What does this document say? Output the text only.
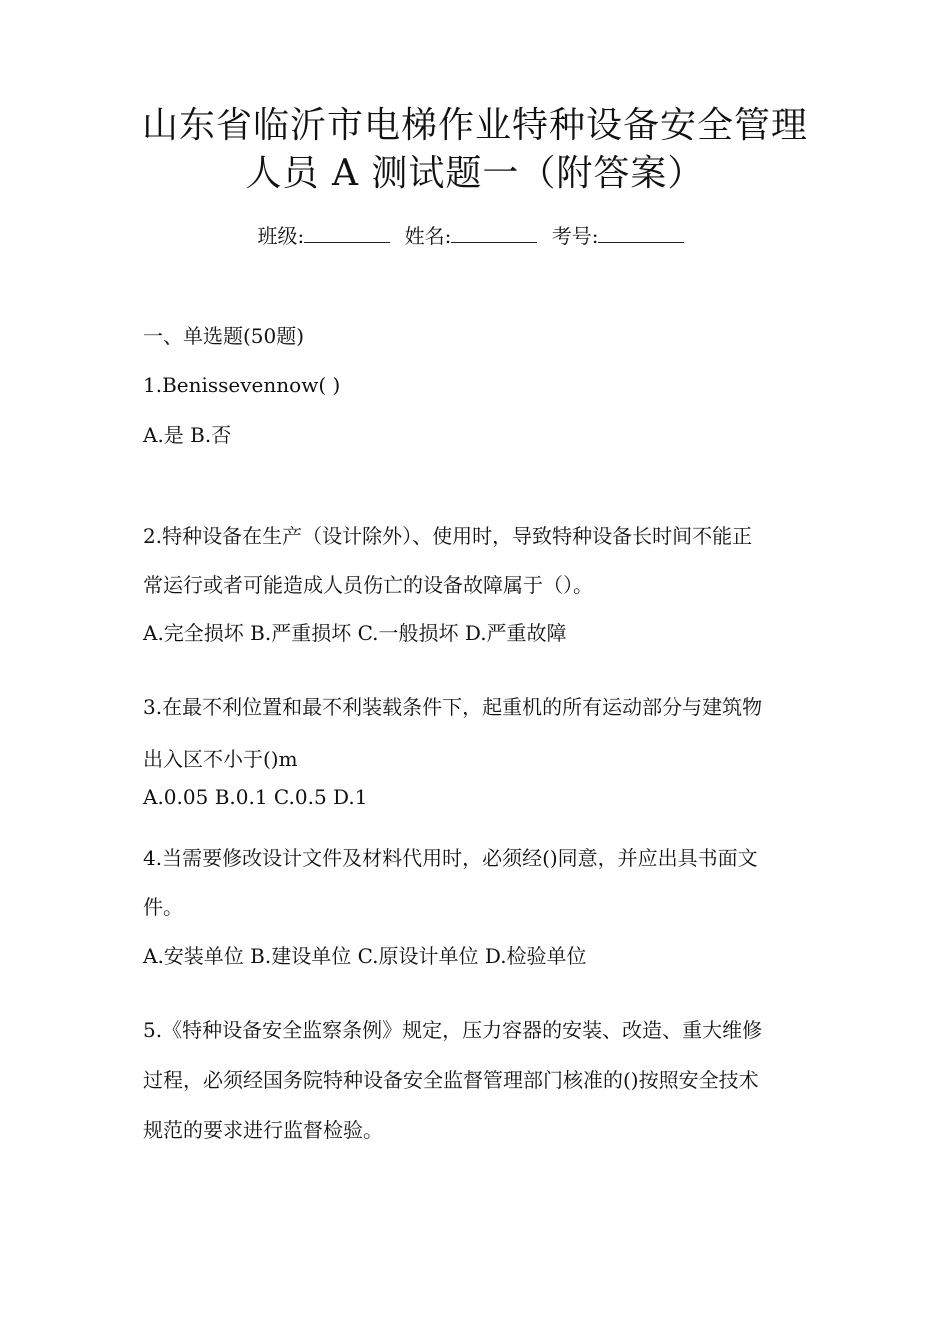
山东省临沂市电梯作业特种设备安全管理
人员 A 测试题一（附答案）
班级:	姓名:	考号:
一、单选题(50题)
1.Benissevennow( )
A.是 B.否
2.特种设备在生产（设计除外）、使用时，导致特种设备长时间不能正
常运行或者可能造成人员伤亡的设备故障属于（）。
A.完全损坏 B.严重损坏 C.一般损坏 D.严重故障
3.在最不利位置和最不利装载条件下，起重机的所有运动部分与建筑物
出入区不小于()m
A.0.05 B.0.1 C.0.5 D.1
4.当需要修改设计文件及材料代用时，必须经()同意，并应出具书面文
件。
A.安装单位 B.建设单位 C.原设计单位 D.检验单位
5.《特种设备安全监察条例》规定，压力容器的安装、改造、重大维修
过程，必须经国务院特种设备安全监督管理部门核准的()按照安全技术
规范的要求进行监督检验。
